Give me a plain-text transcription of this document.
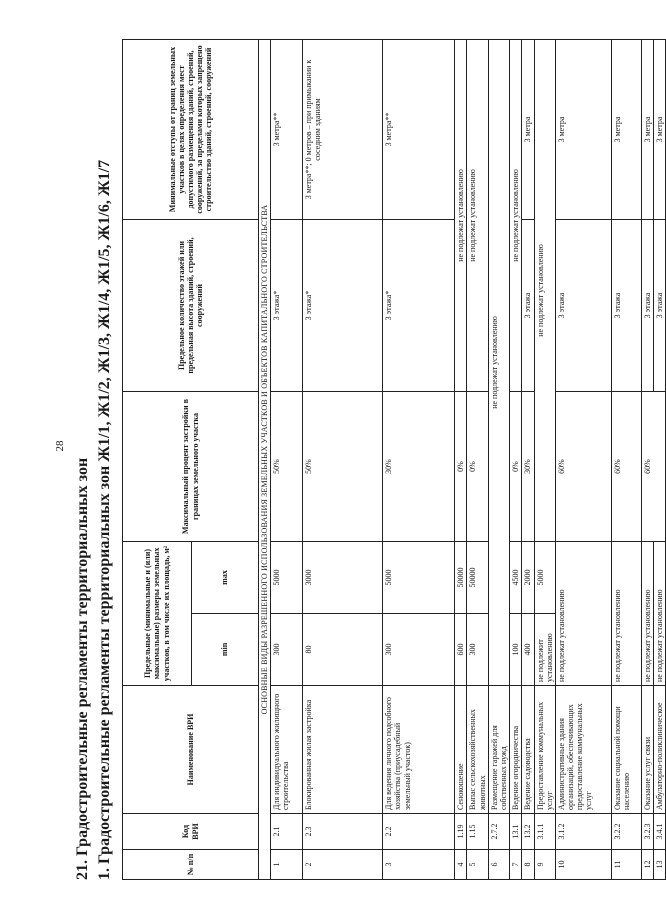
28
21. Градостроительные регламенты территориальных зон 1. Градостроительные регламенты территориальных зон Ж1/1, Ж1/2, Ж1/3, Ж1/4, Ж1/5, Ж1/6, Ж1/7	№ п/п	Код ВРИ	Наименование ВРИ	Предельные (минимальные и (или) максимальные) размеры земельных участков, в том числе их площадь, м²		Максимальный процент застройки в границах земельного участка	Предельное количество этажей или предельная высота зданий, строений, сооружений	Минимальные отступы от границ земельных участков в целях определения мест допустимого размещения зданий, строений, сооружений, за пределами которых запрещено строительство зданий, строений, сооружений
			min	max			
ОСНОВНЫЕ ВИДЫ РАЗРЕШЕННОГО ИСПОЛЬЗОВАНИЯ ЗЕМЕЛЬНЫХ УЧАСТКОВ И ОБЪЕКТОВ КАПИТАЛЬНОГО СТРОИТЕЛЬСТВА							
1	2.1	Для индивидуального жилищного строительства	300	5000	50%	3 этажа*	3 метра**
2	2.3	Блокированная жилая застройка	80	3000	50%	3 этажа*	3 метра**; 0 метров – при примыкании к соседним зданиям
3	2.2	Для ведения личного подсобного хозяйства (приусадебный земельный участок)	300	5000	30%	3 этажа*	3 метра**
4	1.19	Сенокошение	600	50000	0%	не подлежат установлению	
5	1.15	Выпас сельскохозяйственных животных	300	50000	0%	не подлежат установлению	
6	2.7.2	Размещение гаражей для собственных нужд	не подлежат установлению				
7	13.1	Ведение огородничества	100	4500	0%	не подлежат установлению	
8	13.2	Ведение садоводства	400	2000	30%	3 этажа	3 метра
9	3.1.1	Предоставление коммунальных услуг	не подлежит установлению	5000	не подлежат установлению		
10	3.1.2	Административные здания организаций, обеспечивающих предоставление коммунальных услуг	не подлежат установлению		60%	3 этажа	3 метра
11	3.2.2	Оказание социальной помощи населению	не подлежат установлению		60%	3 этажа	3 метра
12	3.2.3	Оказание услуг связи	не подлежат установлению		60%	3 этажа	3 метра
13	3.4.1	Амбулаторно-поликлиническое	не подлежат установлению			3 этажа	3 метра
